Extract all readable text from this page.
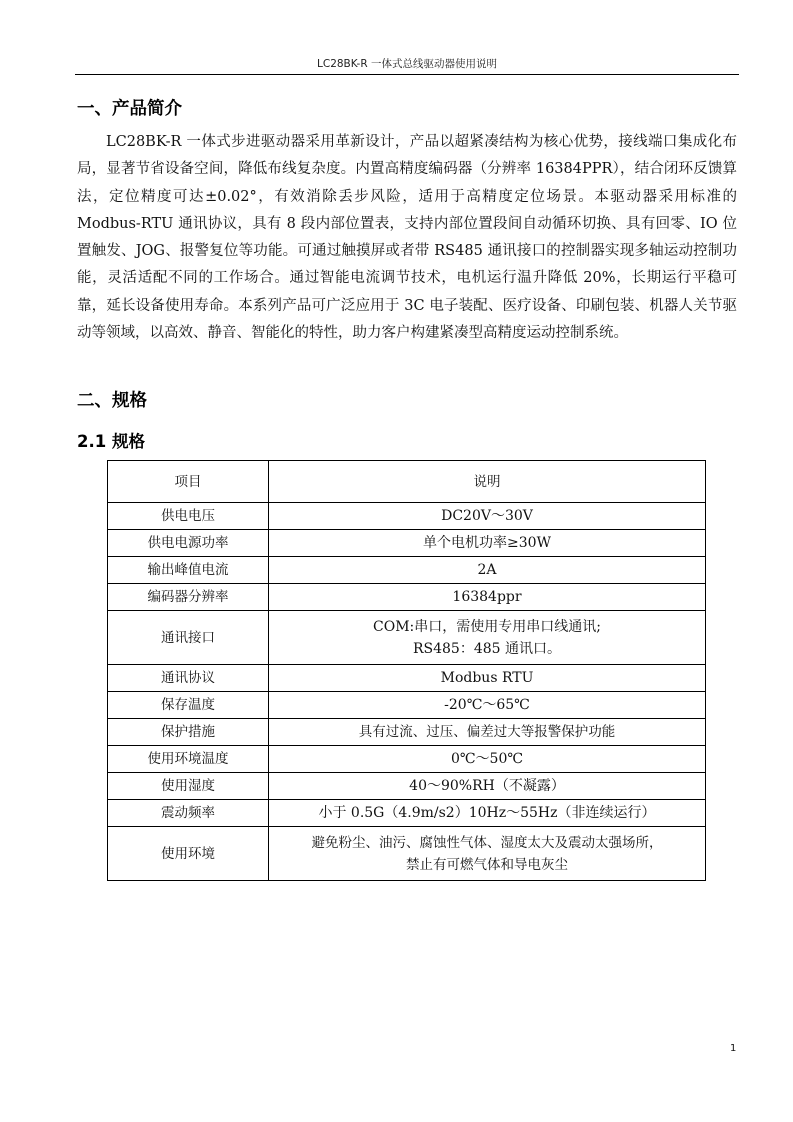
LC28BK-R 一体式总线驱动器使用说明
一、产品简介

LC28BK-R 一体式步进驱动器采用革新设计，产品以超紧凑结构为核心优势，接线端口集成化布局，显著节省设备空间，降低布线复杂度。内置高精度编码器（分辨率 16384PPR），结合闭环反馈算法，定位精度可达±0.02°，有效消除丢步风险，适用于高精度定位场景。本驱动器采用标准的 Modbus-RTU 通讯协议，具有 8 段内部位置表，支持内部位置段间自动循环切换、具有回零、IO 位置触发、JOG、报警复位等功能。可通过触摸屏或者带 RS485 通讯接口的控制器实现多轴运动控制功能，灵活适配不同的工作场合。通过智能电流调节技术，电机运行温升降低 20%，长期运行平稳可靠，延长设备使用寿命。本系列产品可广泛应用于 3C 电子装配、医疗设备、印刷包装、机器人关节驱动等领域，以高效、静音、智能化的特性，助力客户构建紧凑型高精度运动控制系统。

二、规格
2.1 规格
项目	说明
供电电压	DC20V～30V
供电电源功率	单个电机功率≥30W
输出峰值电流	2A
编码器分辨率	16384ppr
通讯接口	COM:串口，需使用专用串口线通讯;
RS485：485 通讯口。

通讯协议	Modbus RTU
保存温度	-20℃～65℃
保护措施	具有过流、过压、偏差过大等报警保护功能
使用环境温度	0℃～50℃
使用湿度	40～90%RH（不凝露）
震动频率	小于 0.5G（4.9m/s2）10Hz～55Hz（非连续运行）
使用环境	避免粉尘、油污、腐蚀性气体、湿度太大及震动太强场所，
禁止有可燃气体和导电灰尘
1
